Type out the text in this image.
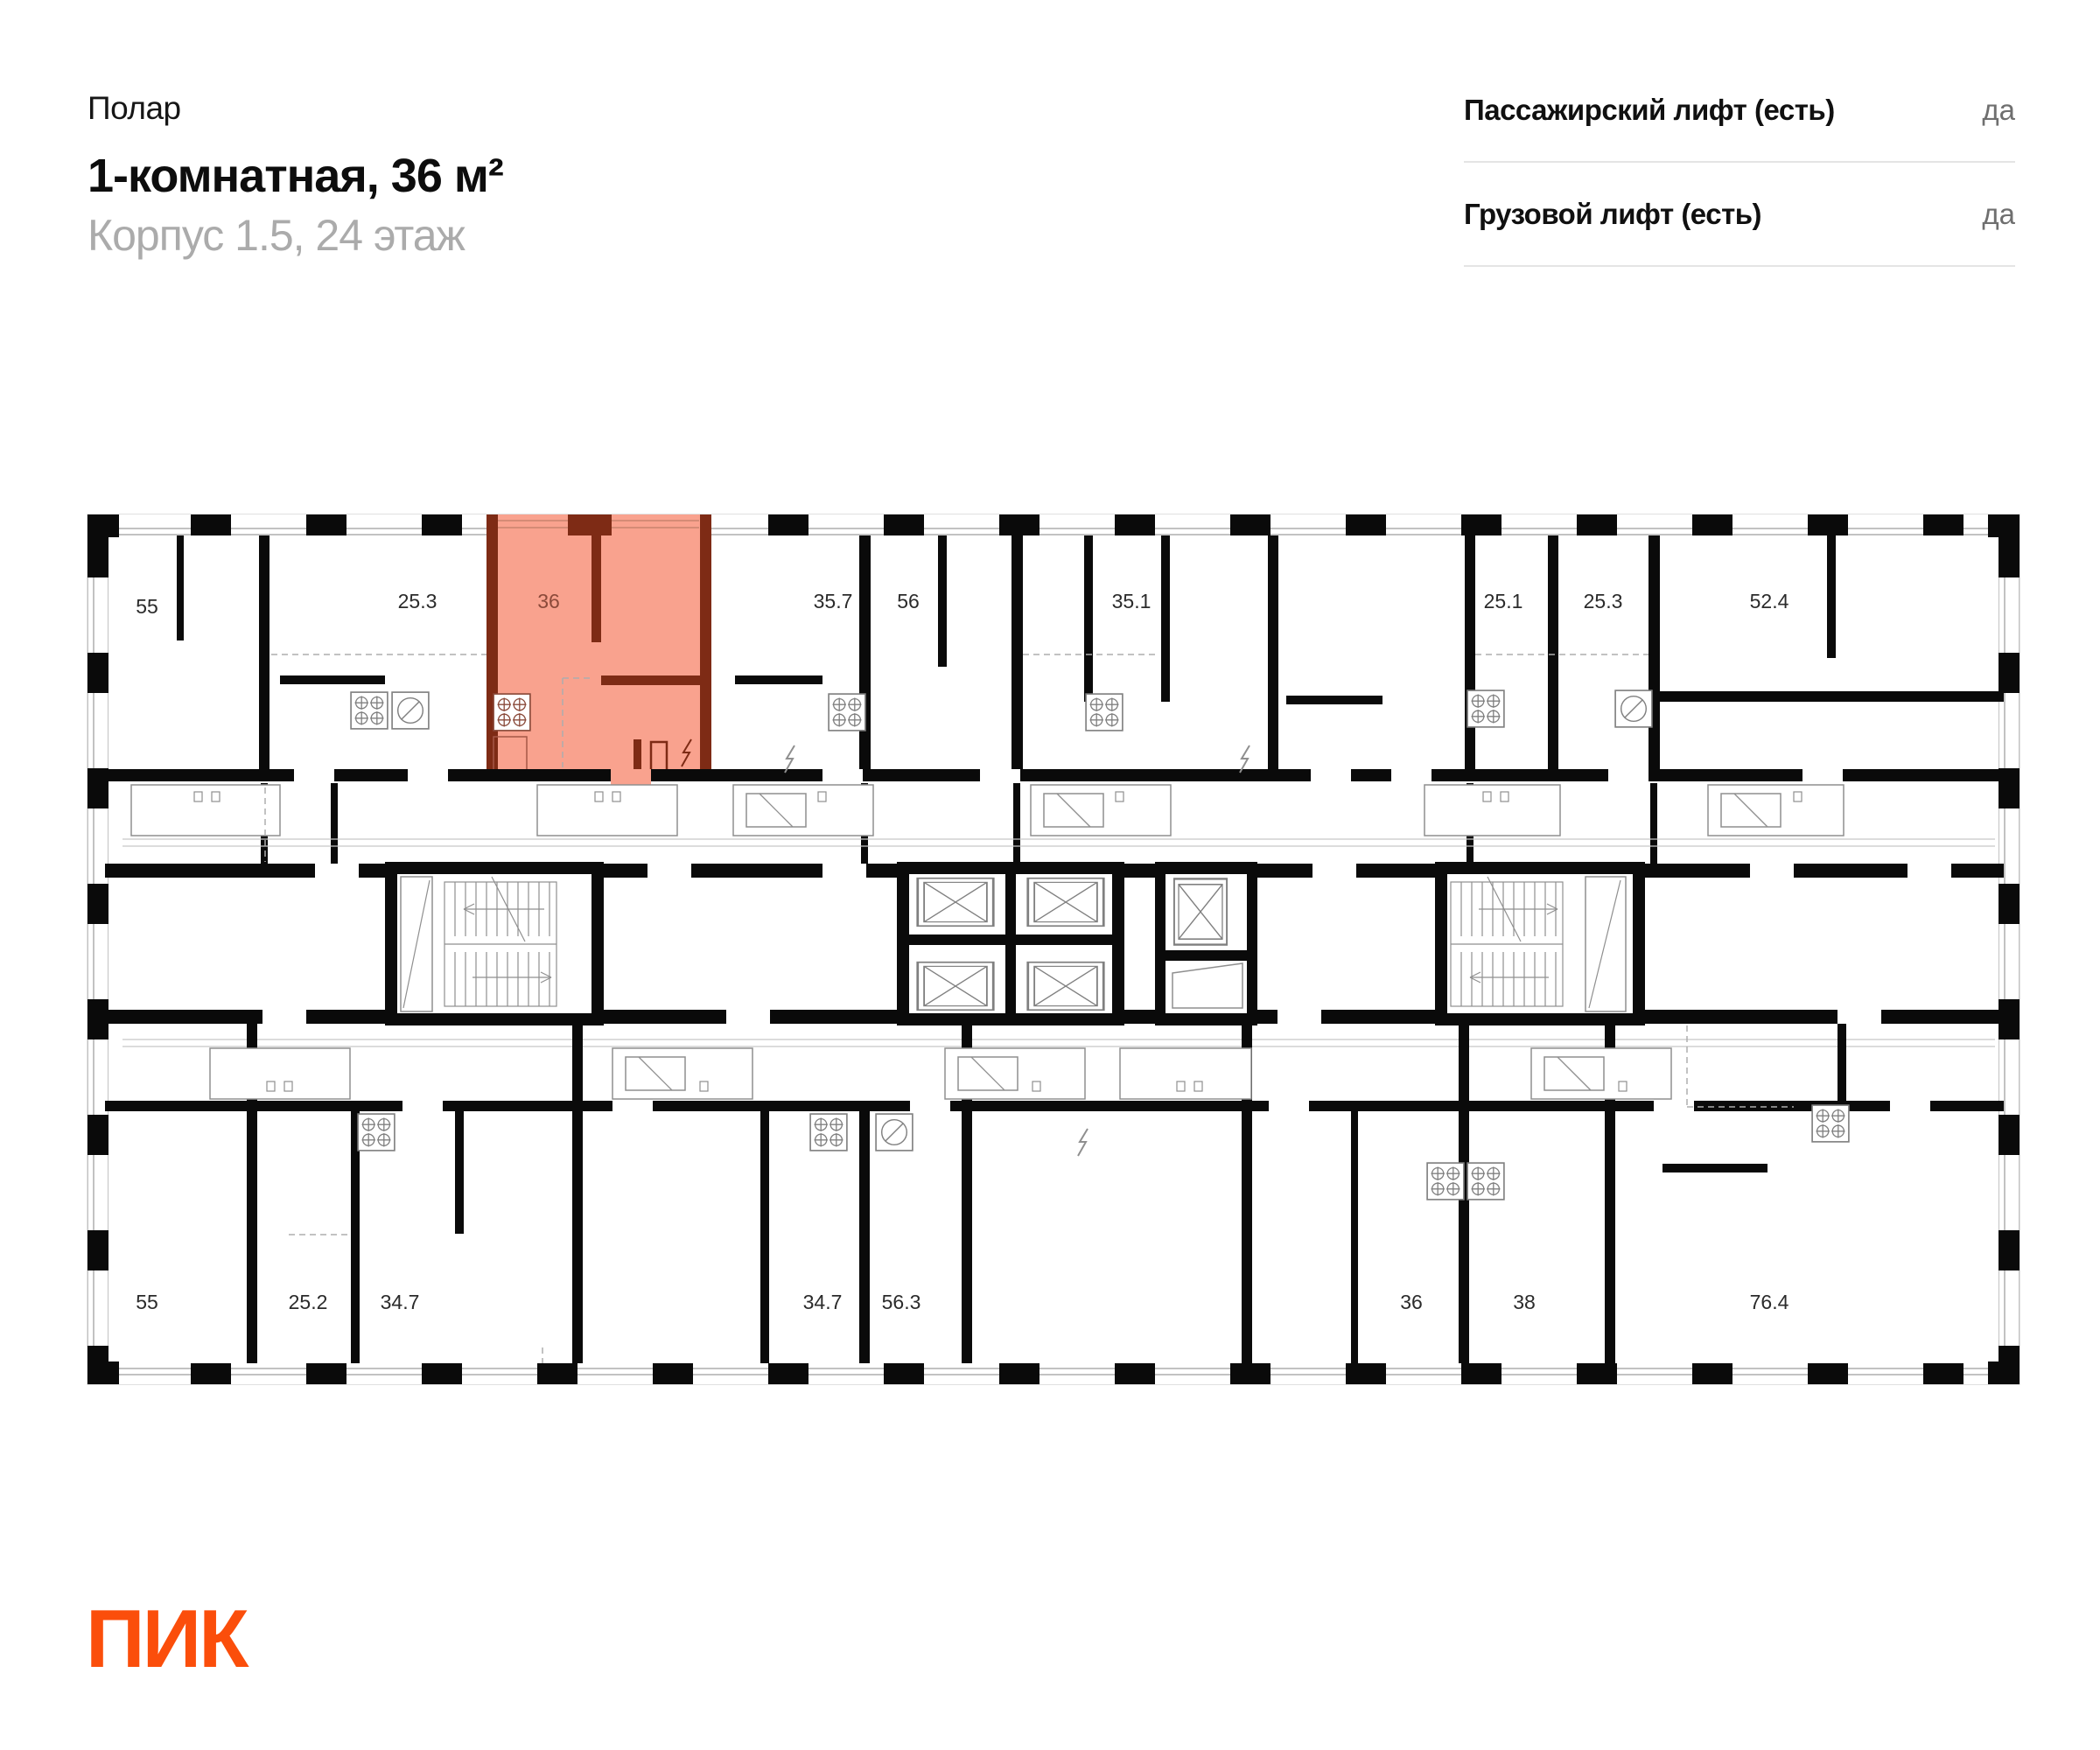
Полар
1-комнатная, 36 м²
Корпус 1.5, 24 этаж
Пассажирский лифт (есть)	да
Грузовой лифт (есть)	да
55	25.3	36	35.7 56	35.1	25.1	25.3	52.4
55	25.2	34.7	34.7 56.3	36	38	76.4
ПИК
